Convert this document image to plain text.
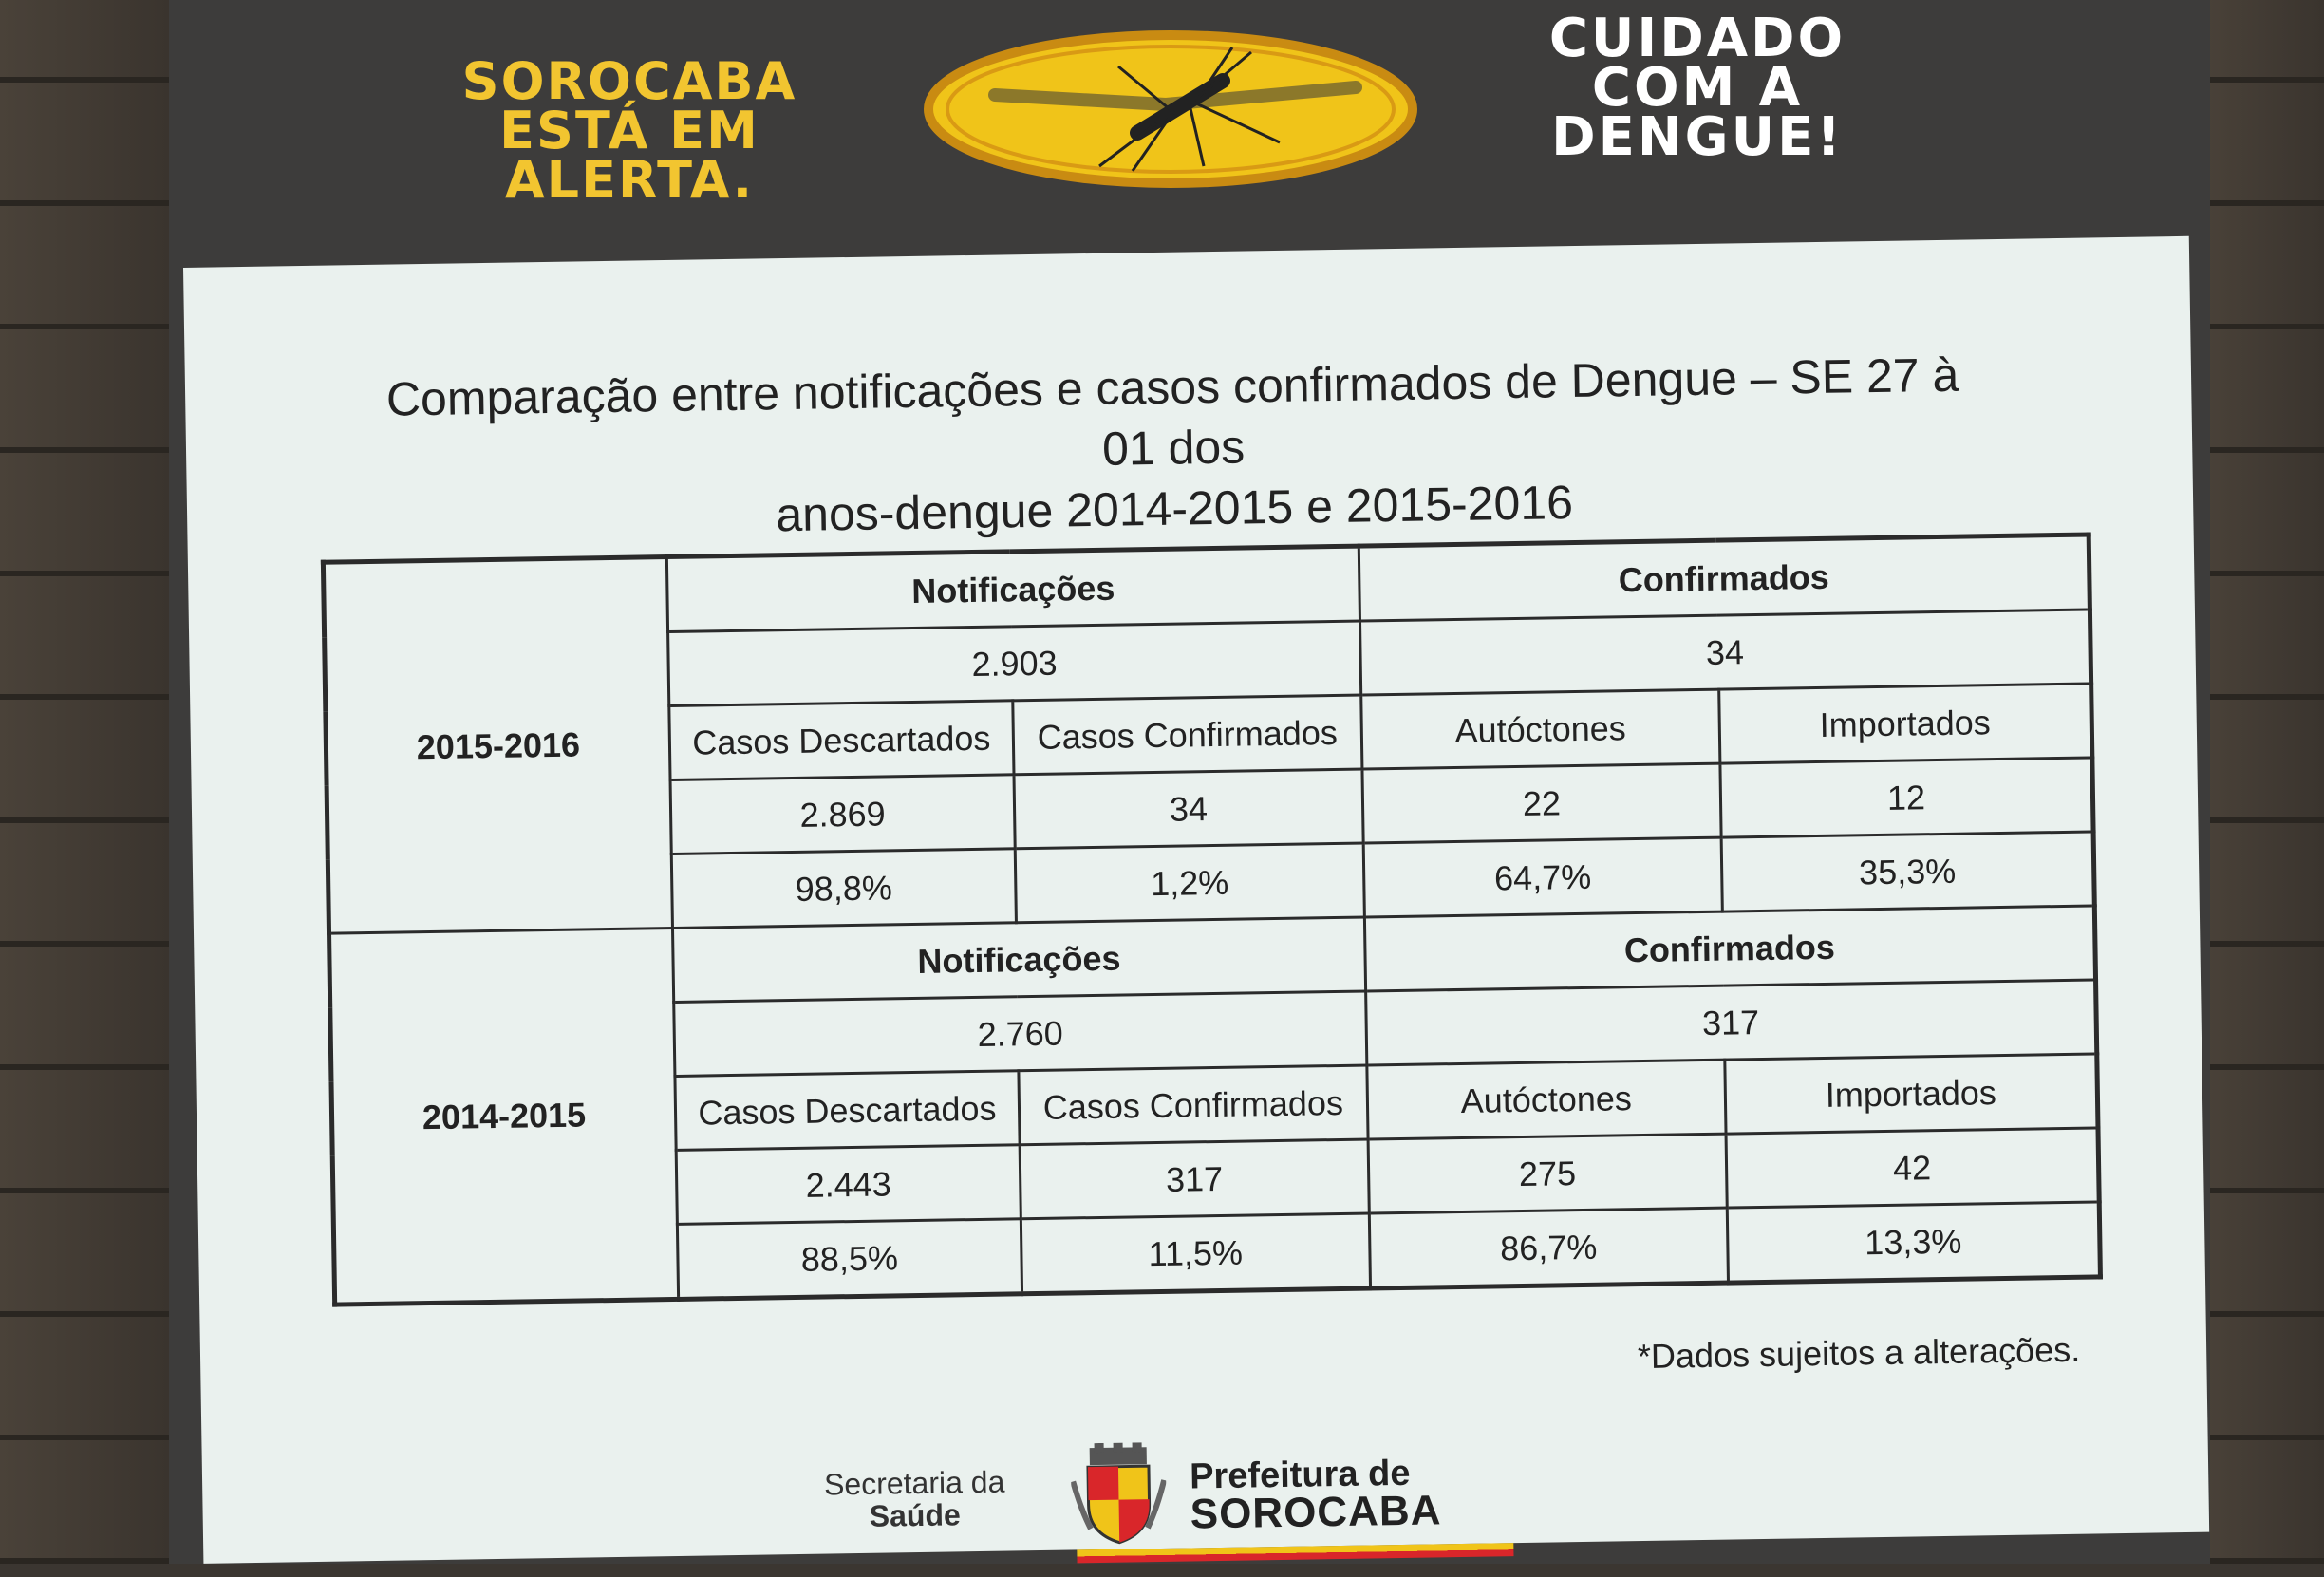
SOROCABA
ESTÁ EM
ALERTA.
CUIDADO
COM A
DENGUE!
Comparação entre notificações e casos confirmados de Dengue – SE 27 à 01 dos
anos-dengue 2014-2015 e 2015-2016
2015-2016	Notificações		Confirmados	
	2.903		34	
	Casos Descartados	Casos Confirmados	Autóctones	Importados
	2.869	34	22	12
	98,8%	1,2%	64,7%	35,3%
2014-2015	Notificações		Confirmados	
	2.760		317	
	Casos Descartados	Casos Confirmados	Autóctones	Importados
	2.443	317	275	42
	88,5%	11,5%	86,7%	13,3%
*Dados sujeitos a alterações.
Secretaria da
Saúde
Prefeitura de
SOROCABA
